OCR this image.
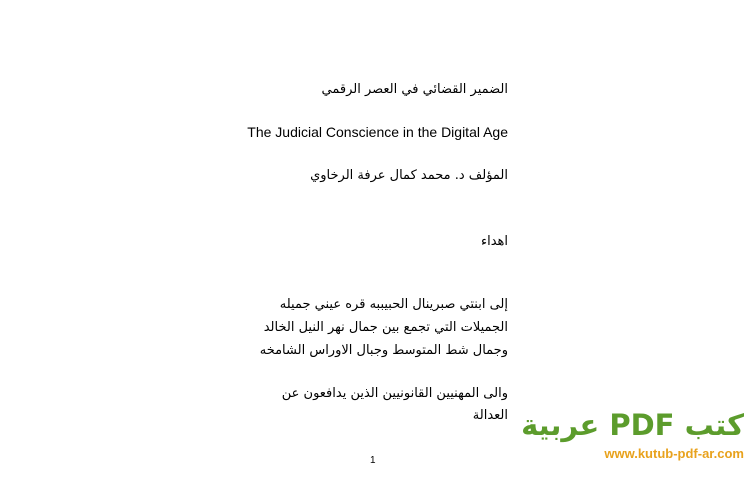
الضمير القضائي في العصر الرقمي
The Judicial Conscience in the Digital Age
المؤلف د. محمد كمال عرفة الرخاوي
اهداء
إلى ابنتي صبرينال الحبيببه قره عيني جميله
الجميلات التي تجمع بين جمال نهر النيل الخالد
وجمال شط المتوسط وجبال الاوراس الشامخه
والى المهنيين القانونيين الذين يدافعون عن
العدالة
1
كتب PDF عربية
www.kutub-pdf-ar.com
